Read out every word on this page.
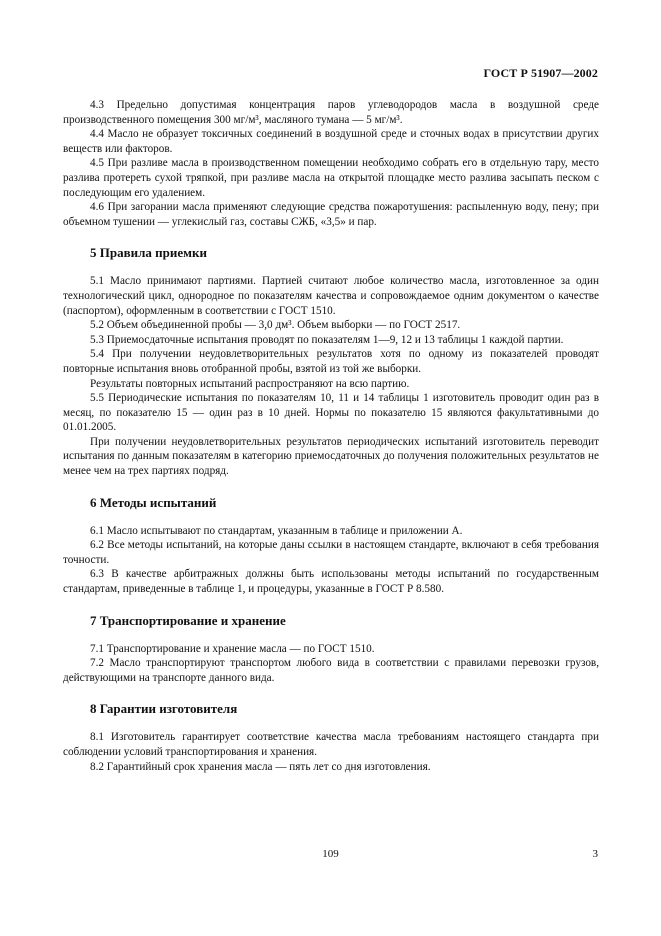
ГОСТ Р 51907—2002

4.3 Предельно допустимая концентрация паров углеводородов масла в воздушной среде производственного помещения 300 мг/м³, масляного тумана — 5 мг/м³.

4.4 Масло не образует токсичных соединений в воздушной среде и сточных водах в присутствии других веществ или факторов.

4.5 При разливе масла в производственном помещении необходимо собрать его в отдельную тару, место разлива протереть сухой тряпкой, при разливе масла на открытой площадке место разлива засыпать песком с последующим его удалением.

4.6 При загорании масла применяют следующие средства пожаротушения: распыленную воду, пену; при объемном тушении — углекислый газ, составы СЖБ, «3,5» и пар.

5 Правила приемки

5.1 Масло принимают партиями. Партией считают любое количество масла, изготовленное за один технологический цикл, однородное по показателям качества и сопровождаемое одним документом о качестве (паспортом), оформленным в соответствии с ГОСТ 1510.

5.2 Объем объединенной пробы — 3,0 дм³. Объем выборки — по ГОСТ 2517.

5.3 Приемосдаточные испытания проводят по показателям 1—9, 12 и 13 таблицы 1 каждой партии.

5.4 При получении неудовлетворительных результатов хотя по одному из показателей проводят повторные испытания вновь отобранной пробы, взятой из той же выборки.

Результаты повторных испытаний распространяют на всю партию.

5.5 Периодические испытания по показателям 10, 11 и 14 таблицы 1 изготовитель проводит один раз в месяц, по показателю 15 — один раз в 10 дней. Нормы по показателю 15 являются факультативными до 01.01.2005.

При получении неудовлетворительных результатов периодических испытаний изготовитель переводит испытания по данным показателям в категорию приемосдаточных до получения положительных результатов не менее чем на трех партиях подряд.

6 Методы испытаний

6.1 Масло испытывают по стандартам, указанным в таблице и приложении А.

6.2 Все методы испытаний, на которые даны ссылки в настоящем стандарте, включают в себя требования точности.

6.3 В качестве арбитражных должны быть использованы методы испытаний по государственным стандартам, приведенные в таблице 1, и процедуры, указанные в ГОСТ Р 8.580.

7 Транспортирование и хранение

7.1 Транспортирование и хранение масла — по ГОСТ 1510.

7.2 Масло транспортируют транспортом любого вида в соответствии с правилами перевозки грузов, действующими на транспорте данного вида.

8 Гарантии изготовителя

8.1 Изготовитель гарантирует соответствие качества масла требованиям настоящего стандарта при соблюдении условий транспортирования и хранения.

8.2 Гарантийный срок хранения масла — пять лет со дня изготовления.

109	3
